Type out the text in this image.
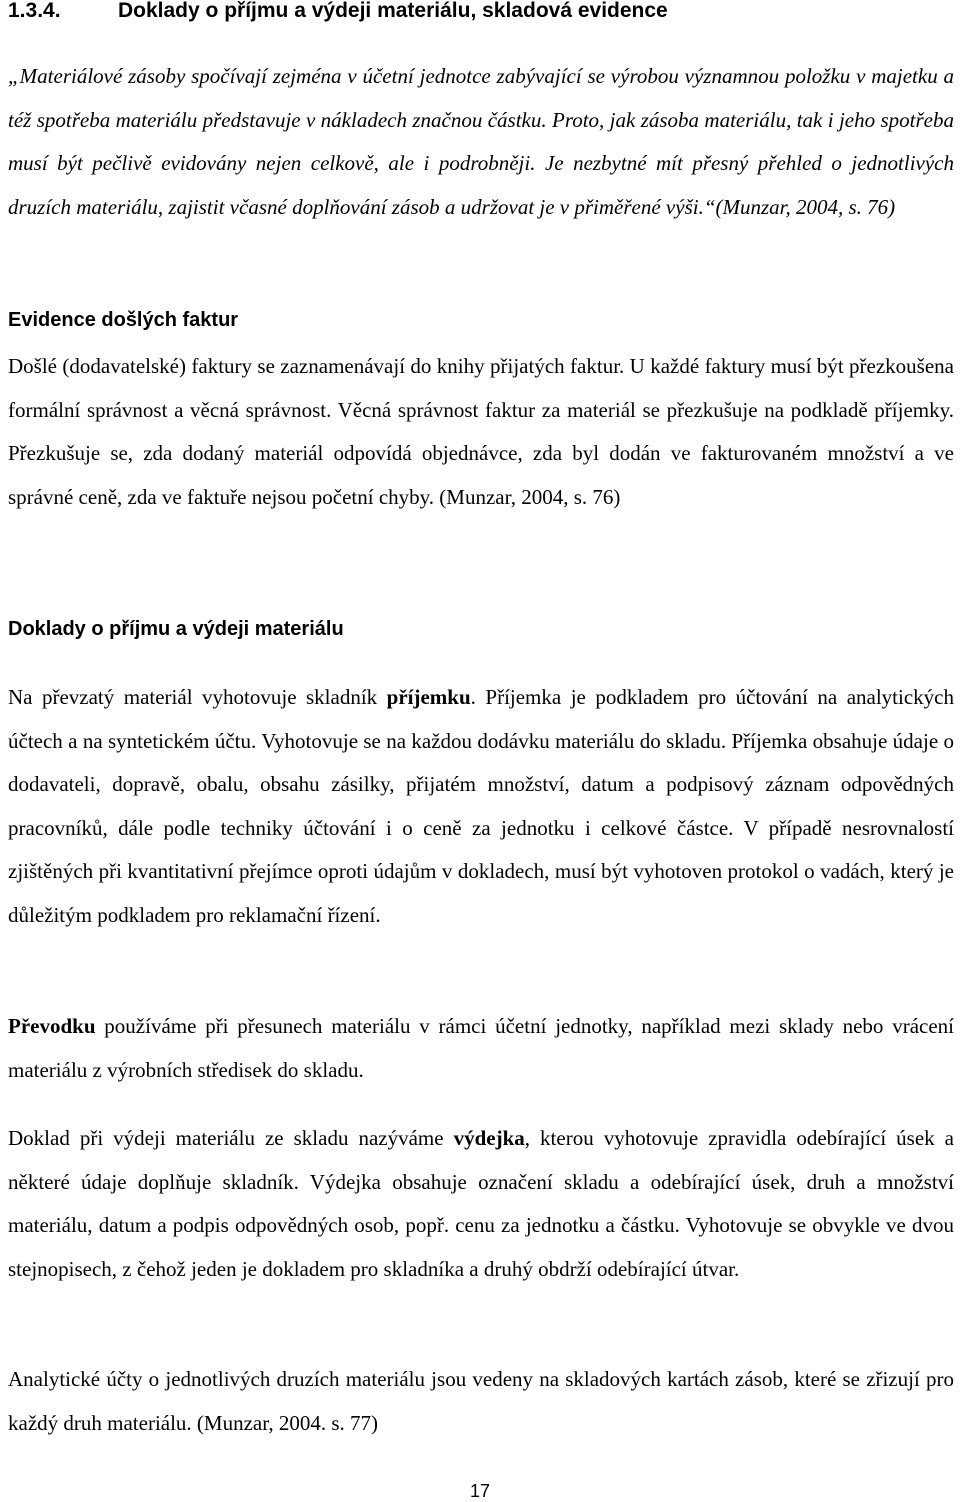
1.3.4.	Doklady o příjmu a výdeji materiálu, skladová evidence
„Materiálové zásoby spočívají zejména v účetní jednotce zabývající se výrobou významnou položku v majetku a též spotřeba materiálu představuje v nákladech značnou částku. Proto, jak zásoba materiálu, tak i jeho spotřeba musí být pečlivě evidovány nejen celkově, ale i podrobněji. Je nezbytné mít přesný přehled o jednotlivých druzích materiálu, zajistit včasné doplňování zásob a udržovat je v přiměřené výši.“(Munzar, 2004, s. 76)
Evidence došlých faktur
Došlé (dodavatelské) faktury se zaznamenávají do knihy přijatých faktur. U každé faktury musí být přezkoušena formální správnost a věcná správnost. Věcná správnost faktur za materiál se přezkušuje na podkladě příjemky. Přezkušuje se, zda dodaný materiál odpovídá objednávce, zda byl dodán ve fakturovaném množství a ve správné ceně, zda ve faktuře nejsou početní chyby. (Munzar, 2004, s. 76)
Doklady o příjmu a výdeji materiálu
Na převzatý materiál vyhotovuje skladník příjemku. Příjemka je podkladem pro účtování na analytických účtech a na syntetickém účtu. Vyhotovuje se na každou dodávku materiálu do skladu. Příjemka obsahuje údaje o dodavateli, dopravě, obalu, obsahu zásilky, přijatém množství, datum a podpisový záznam odpovědných pracovníků, dále podle techniky účtování i o ceně za jednotku i celkové částce. V případě nesrovnalostí zjištěných při kvantitativní přejímce oproti údajům v dokladech, musí být vyhotoven protokol o vadách, který je důležitým podkladem pro reklamační řízení.
Převodku používáme při přesunech materiálu v rámci účetní jednotky, například mezi sklady nebo vrácení materiálu z výrobních středisek do skladu.
Doklad při výdeji materiálu ze skladu nazýváme výdejka, kterou vyhotovuje zpravidla odebírající úsek a některé údaje doplňuje skladník. Výdejka obsahuje označení skladu a odebírající úsek, druh a množství materiálu, datum a podpis odpovědných osob, popř. cenu za jednotku a částku. Vyhotovuje se obvykle ve dvou stejnopisech, z čehož jeden je dokladem pro skladníka a druhý obdrží odebírající útvar.
Analytické účty o jednotlivých druzích materiálu jsou vedeny na skladových kartách zásob, které se zřizují pro každý druh materiálu. (Munzar, 2004. s. 77)
17
